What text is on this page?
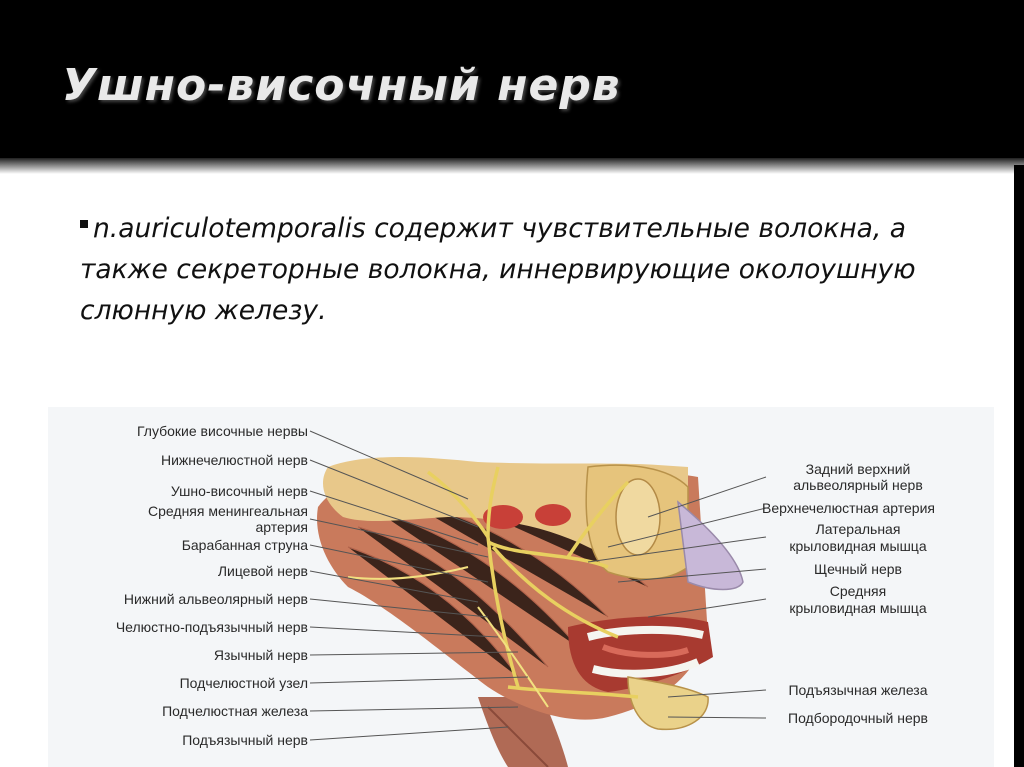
Ушно-височный нерв

n.auriculotemporalis содержит чувствительные волокна, а также секреторные волокна, иннервирующие околоушную слюнную железу.

Глубокие височные нервы
Нижнечелюстной нерв
Ушно-височный нерв
Средняя менингеальная
артерия
Барабанная струна
Лицевой нерв
Нижний альвеолярный нерв
Челюстно-подъязычный нерв
Язычный нерв
Подчелюстной узел
Подчелюстная железа
Подъязычный нерв
Задний верхний
альвеолярный нерв
Верхнечелюстная артерия
Латеральная
крыловидная мышца
Щечный нерв
Средняя
крыловидная мышца
Подъязычная железа
Подбородочный нерв
